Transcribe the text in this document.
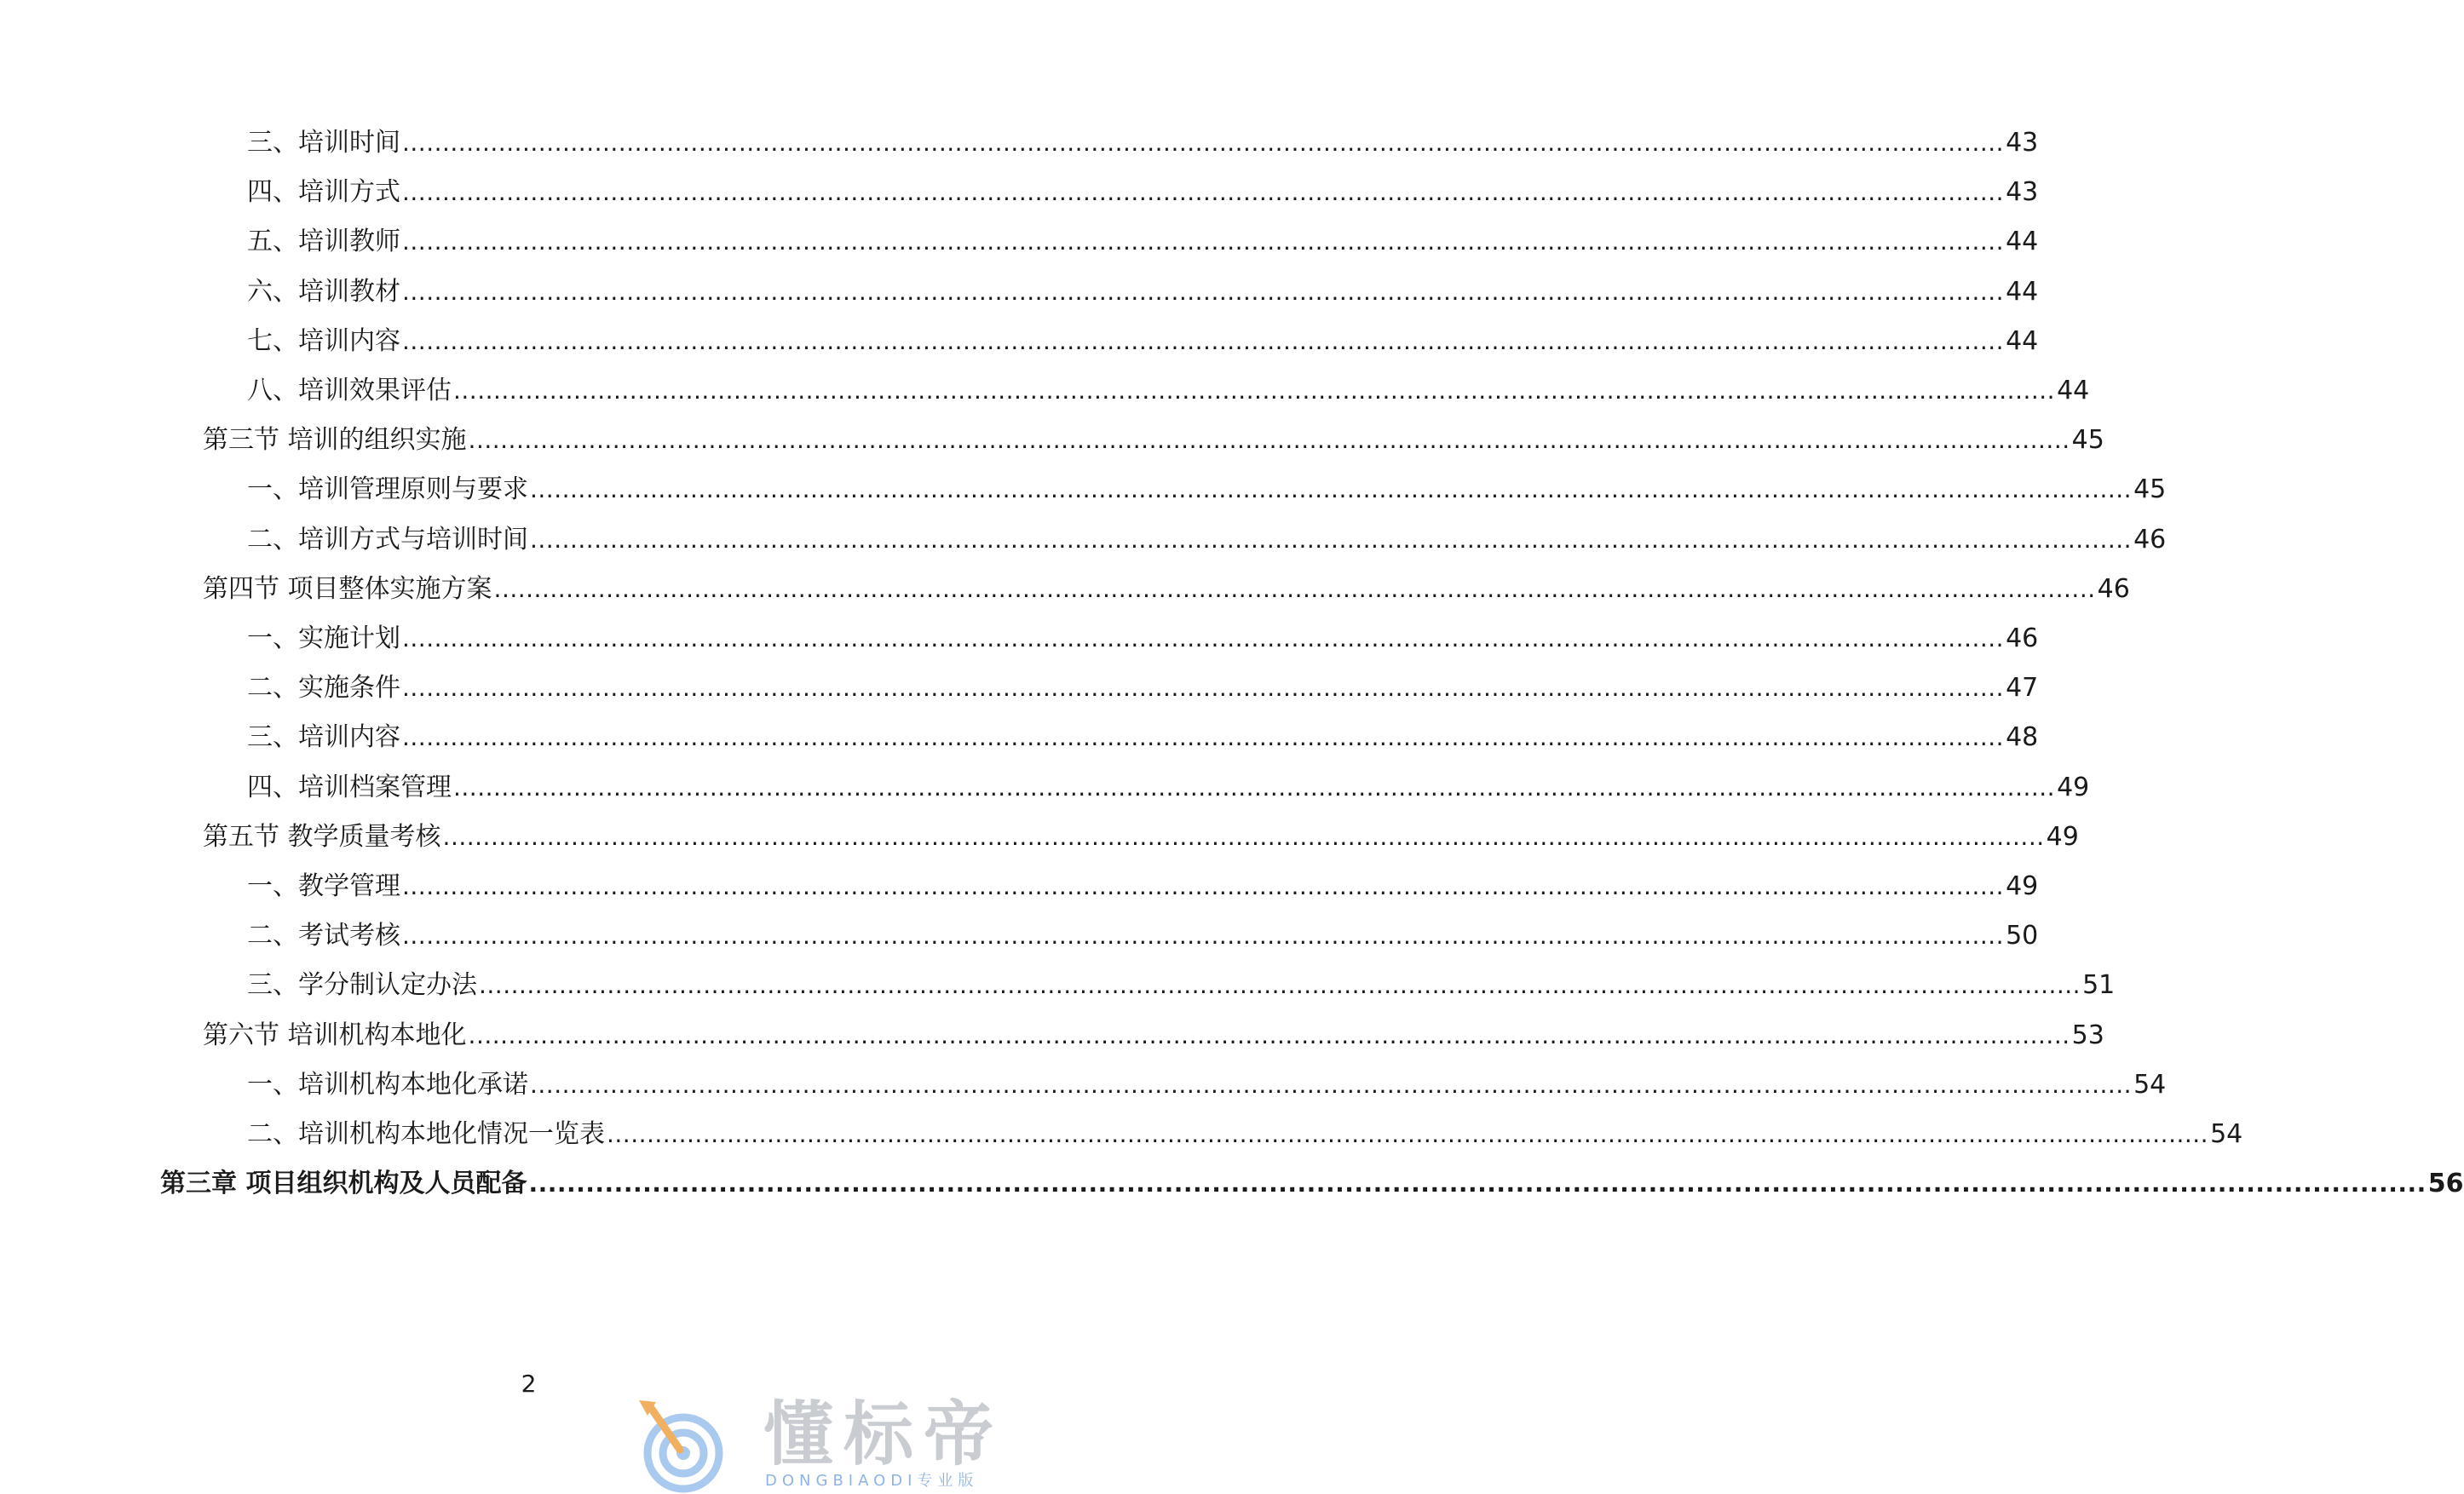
三、培训时间 ........................................................................................................................................................................................................ 43
四、培训方式 ........................................................................................................................................................................................................ 43
五、培训教师 ........................................................................................................................................................................................................ 44
六、培训教材 ........................................................................................................................................................................................................ 44
七、培训内容 ........................................................................................................................................................................................................ 44
八、培训效果评估 ........................................................................................................................................................................................................ 44
第三节 培训的组织实施 ........................................................................................................................................................................................................ 45
一、培训管理原则与要求 ........................................................................................................................................................................................................ 45
二、培训方式与培训时间 ........................................................................................................................................................................................................ 46
第四节 项目整体实施方案 ........................................................................................................................................................................................................ 46
一、实施计划 ........................................................................................................................................................................................................ 46
二、实施条件 ........................................................................................................................................................................................................ 47
三、培训内容 ........................................................................................................................................................................................................ 48
四、培训档案管理 ........................................................................................................................................................................................................ 49
第五节 教学质量考核 ........................................................................................................................................................................................................ 49
一、教学管理 ........................................................................................................................................................................................................ 49
二、考试考核 ........................................................................................................................................................................................................ 50
三、学分制认定办法 ........................................................................................................................................................................................................ 51
第六节 培训机构本地化 ........................................................................................................................................................................................................ 53
一、培训机构本地化承诺 ........................................................................................................................................................................................................ 54
二、培训机构本地化情况一览表 ........................................................................................................................................................................................................ 54
第三章 项目组织机构及人员配备 ........................................................................................................................................................................................................ 56
2
懂标帝
DONGBIAODI专业版
